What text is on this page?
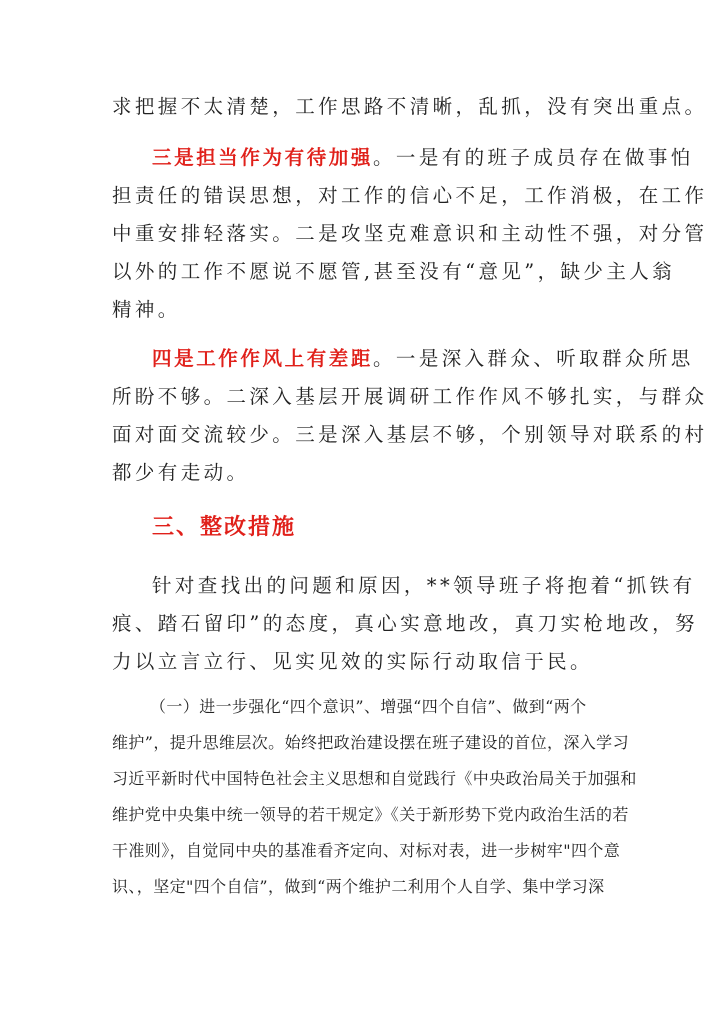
求把握不太清楚，工作思路不清晰，乱抓，没有突出重点。
三是担当作为有待加强。一是有的班子成员存在做事怕
担责任的错误思想，对工作的信心不足，工作消极，在工作
中重安排轻落实。二是攻坚克难意识和主动性不强，对分管
以外的工作不愿说不愿管,甚至没有“意见”，缺少主人翁
精神。
四是工作作风上有差距。一是深入群众、听取群众所思
所盼不够。二深入基层开展调研工作作风不够扎实，与群众
面对面交流较少。三是深入基层不够，个别领导对联系的村
都少有走动。
三、整改措施
针对查找出的问题和原因，**领导班子将抱着“抓铁有
痕、踏石留印”的态度，真心实意地改，真刀实枪地改，努
力以立言立行、见实见效的实际行动取信于民。
（一）进一步强化“四个意识”、增强“四个自信”、做到“两个
维护”，提升思维层次。始终把政治建设摆在班子建设的首位，深入学习
习近平新时代中国特色社会主义思想和自觉践行《中央政治局关于加强和
维护党中央集中统一领导的若干规定》《关于新形势下党内政治生活的若
干准则》，自觉同中央的基准看齐定向、对标对表，进一步树牢"四个意
识、，坚定"四个自信”，做到“两个维护二利用个人自学、集中学习深
